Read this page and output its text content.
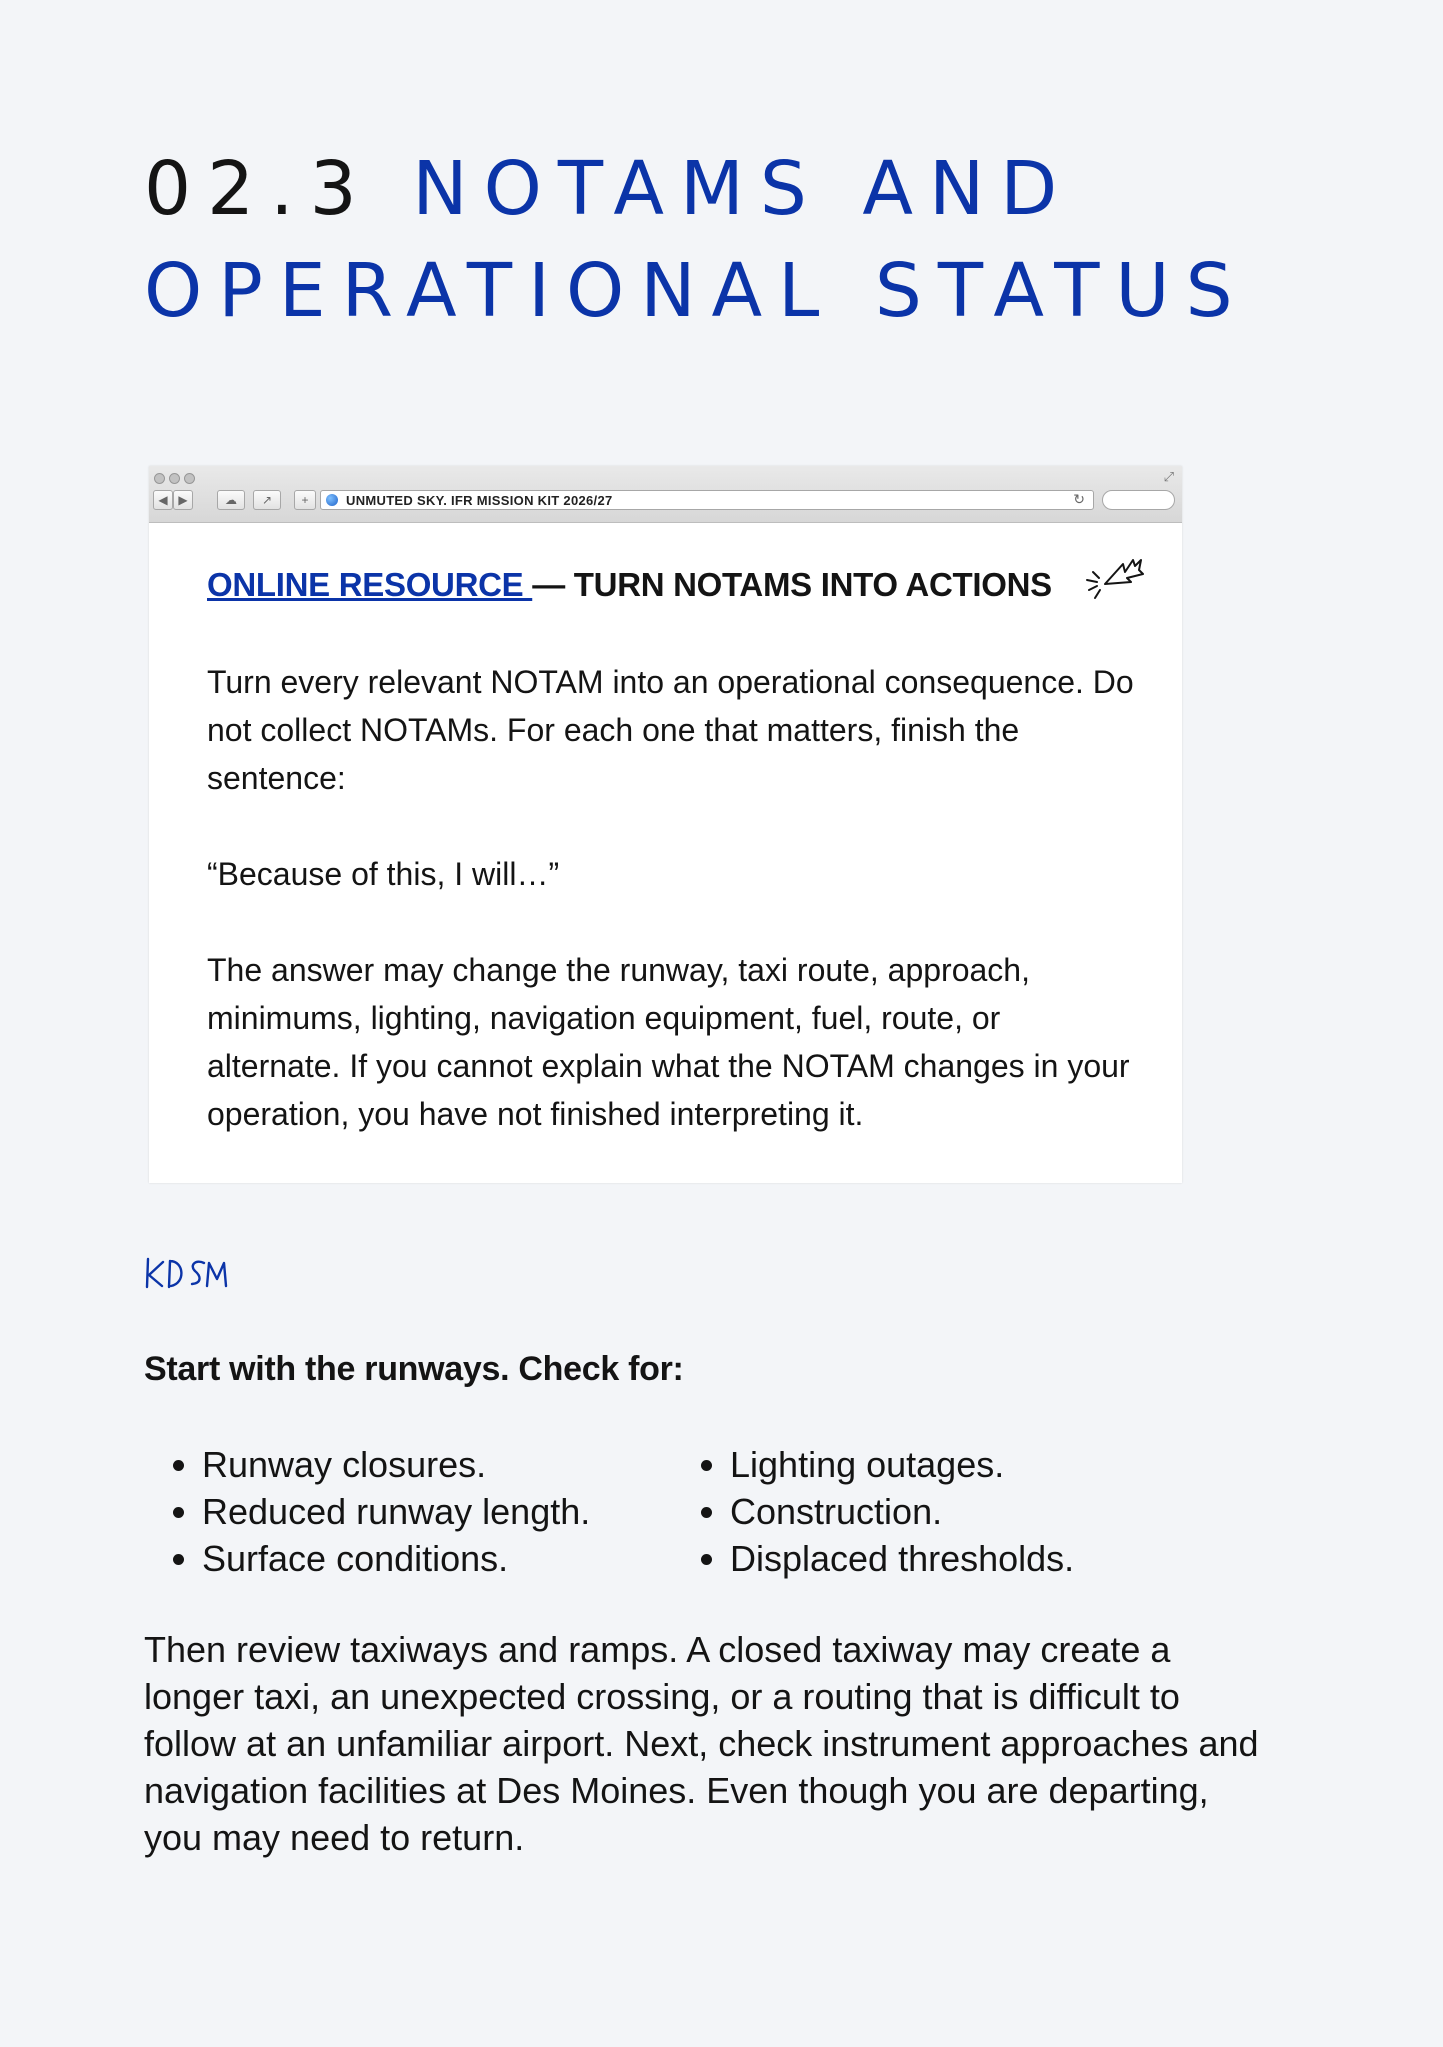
02.3 NOTAMS AND OPERATIONAL STATUS
⤢
◀ ▶	☁	↗	+	UNMUTED SKY. IFR MISSION KIT 2026/27	↻

ONLINE RESOURCE — TURN NOTAMS INTO ACTIONS

Turn every relevant NOTAM into an operational consequence. Do not collect NOTAMs. For each one that matters, finish the sentence:

“Because of this, I will…”

The answer may change the runway, taxi route, approach, minimums, lighting, navigation equipment, fuel, route, or alternate. If you cannot explain what the NOTAM changes in your operation, you have not finished interpreting it.

Start with the runways. Check for:

• Runway closures.
• Reduced runway length.
• Surface conditions.
• Lighting outages.
• Construction.
• Displaced thresholds.

Then review taxiways and ramps. A closed taxiway may create a longer taxi, an unexpected crossing, or a routing that is difficult to follow at an unfamiliar airport. Next, check instrument approaches and navigation facilities at Des Moines. Even though you are departing, you may need to return.
